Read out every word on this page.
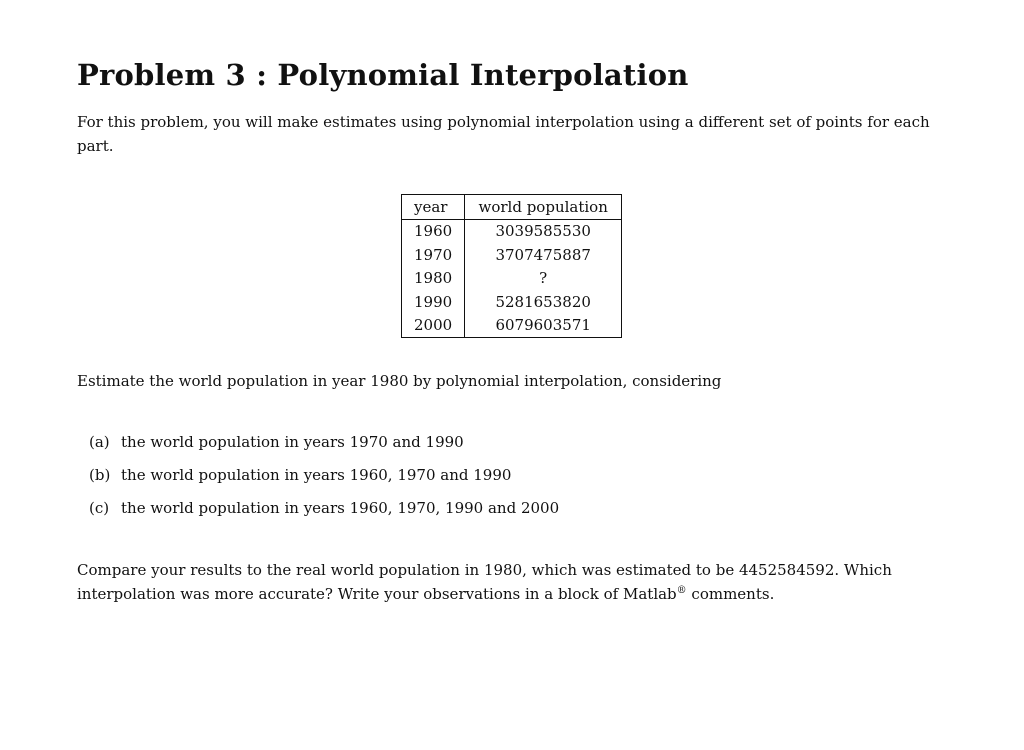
Problem 3 : Polynomial Interpolation

For this problem, you will make estimates using polynomial interpolation using a different set of points for each part.

year	world population
1960	3039585530
1970	3707475887
1980	?
1990	5281653820
2000	6079603571

Estimate the world population in year 1980 by polynomial interpolation, considering

(a) the world population in years 1970 and 1990
(b) the world population in years 1960, 1970 and 1990
(c) the world population in years 1960, 1970, 1990 and 2000

Compare your results to the real world population in 1980, which was estimated to be 4452584592. Which interpolation was more accurate? Write your observations in a block of Matlab® comments.
